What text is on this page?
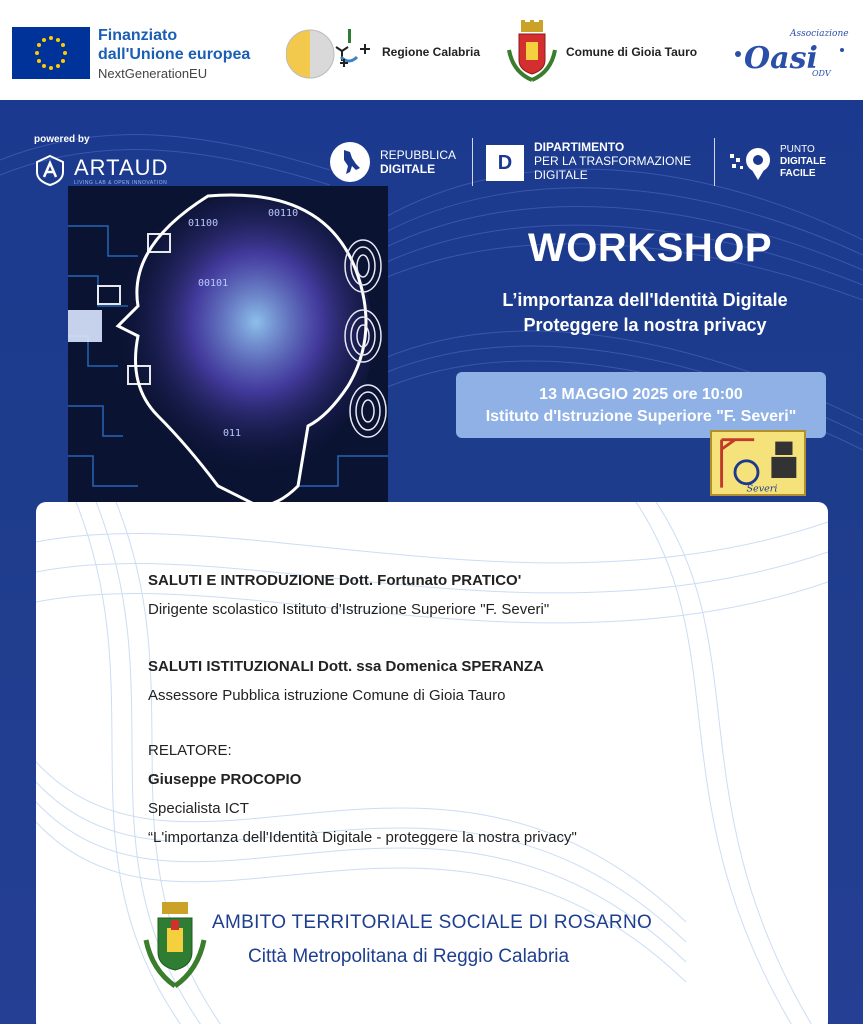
Finanziato
dall'Unione europea
NextGenerationEU
Regione Calabria	Comune di Gioia Tauro
Associazione
Oasi
ODV
powered by
ARTAUD
LIVING LAB & OPEN INNOVATION
REPUBBLICA
DIGITALE	D
DIPARTIMENTO
PER LA TRASFORMAZIONE
DIGITALE
PUNTO
DIGITALE
FACILE
01100
00101
011
00110
WORKSHOP
L’importanza dell'Identità Digitale
Proteggere la nostra privacy
13 MAGGIO 2025 ore 10:00
Istituto d'Istruzione Superiore "F. Severi"
Severi
SALUTI E INTRODUZIONE Dott. Fortunato PRATICO'
Dirigente scolastico Istituto d'Istruzione Superiore "F. Severi"
SALUTI ISTITUZIONALI Dott. ssa Domenica SPERANZA
Assessore Pubblica istruzione Comune di Gioia Tauro
RELATORE:
Giuseppe PROCOPIO
Specialista ICT
“L'importanza dell'Identità Digitale - proteggere la nostra privacy"
AMBITO TERRITORIALE SOCIALE DI ROSARNO
Città Metropolitana di Reggio Calabria
